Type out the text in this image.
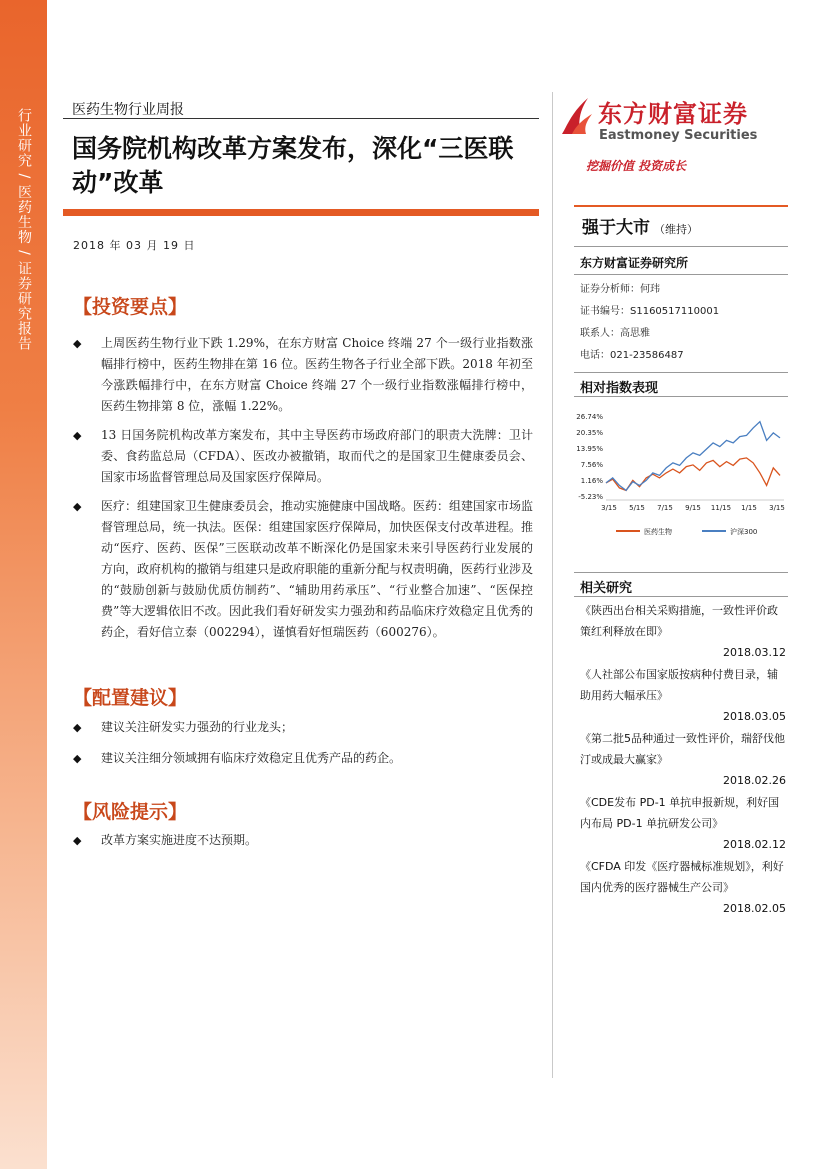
行业研究 / 医药生物 / 证券研究报告	医药生物行业周报
国务院机构改革方案发布，深化“三医联动”改革
2018 年 03 月 19 日
【投资要点】
◆ 上周医药生物行业下跌 1.29%，在东方财富 Choice 终端 27 个一级行业指数涨幅排行榜中，医药生物排在第 16 位。医药生物各子行业全部下跌。2018 年初至今涨跌幅排行中，在东方财富 Choice 终端 27 个一级行业指数涨幅排行榜中，医药生物排第 8 位，涨幅 1.22%。
◆ 13 日国务院机构改革方案发布，其中主导医药市场政府部门的职责大洗牌：卫计委、食药监总局（CFDA）、医改办被撤销，取而代之的是国家卫生健康委员会、国家市场监督管理总局及国家医疗保障局。
◆ 医疗：组建国家卫生健康委员会，推动实施健康中国战略。医药：组建国家市场监督管理总局，统一执法。医保：组建国家医疗保障局，加快医保支付改革进程。推动“医疗、医药、医保”三医联动改革不断深化仍是国家未来引导医药行业发展的方向，政府机构的撤销与组建只是政府职能的重新分配与权责明确，医药行业涉及的“鼓励创新与鼓励优质仿制药”、“辅助用药承压”、“行业整合加速”、“医保控费”等大逻辑依旧不改。因此我们看好研发实力强劲和药品临床疗效稳定且优秀的药企，看好信立泰（002294），谨慎看好恒瑞医药（600276）。
【配置建议】
◆ 建议关注研发实力强劲的行业龙头；
◆ 建议关注细分领域拥有临床疗效稳定且优秀产品的药企。
【风险提示】
◆ 改革方案实施进度不达预期。
东方财富证券
Eastmoney Securities
挖掘价值 投资成长
强于大市 （维持）
东方财富证券研究所
证券分析师：何玮
证书编号：S1160517110001
联系人：高思雅
电话：021-23586487
相对指数表现
26.74%
20.35%
13.95%
7.56%
1.16%
-5.23%
3/15 5/15 7/15 9/15 11/15 1/15 3/15
医药生物	沪深300
相关研究
《陕西出台相关采购措施，一致性评价政策红利释放在即》
2018.03.12
《人社部公布国家版按病种付费目录，辅助用药大幅承压》
2018.03.05
《第二批5品种通过一致性评价，瑞舒伐他汀或成最大赢家》
2018.02.26
《CDE发布 PD-1 单抗申报新规，利好国内布局 PD-1 单抗研发公司》
2018.02.12
《CFDA 印发《医疗器械标准规划》，利好国内优秀的医疗器械生产公司》
2018.02.05
